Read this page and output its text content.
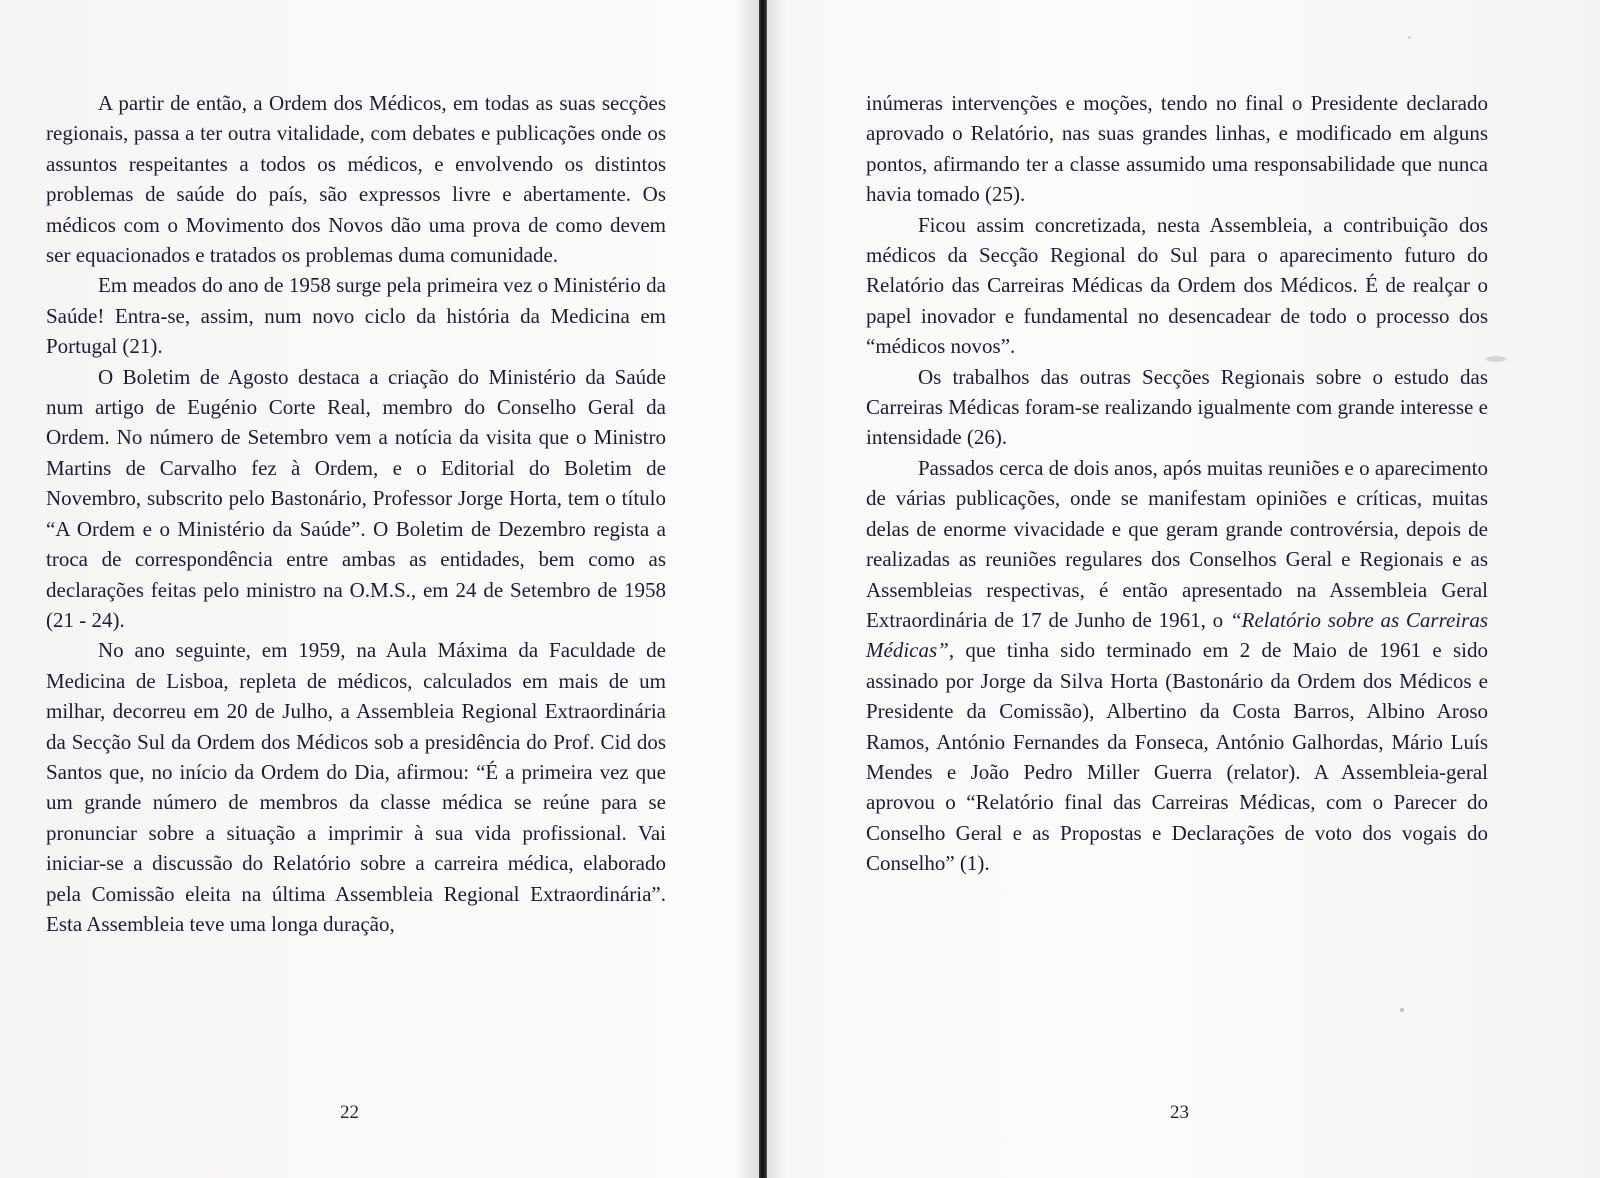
A partir de então, a Ordem dos Médicos, em todas as suas secções regionais, passa a ter outra vitalidade, com debates e publicações onde os assuntos respeitantes a todos os médicos, e envolvendo os distintos problemas de saúde do país, são expressos livre e abertamente. Os médicos com o Movimento dos Novos dão uma prova de como devem ser equacionados e tratados os problemas duma comunidade.

Em meados do ano de 1958 surge pela primeira vez o Ministério da Saúde! Entra-se, assim, num novo ciclo da história da Medicina em Portugal (21).

O Boletim de Agosto destaca a criação do Ministério da Saúde num artigo de Eugénio Corte Real, membro do Conselho Geral da Ordem. No número de Setembro vem a notícia da visita que o Ministro Martins de Carvalho fez à Ordem, e o Editorial do Boletim de Novembro, subscrito pelo Bastonário, Professor Jorge Horta, tem o título “A Ordem e o Ministério da Saúde”. O Boletim de Dezembro regista a troca de correspondência entre ambas as entidades, bem como as declarações feitas pelo ministro na O.M.S., em 24 de Setembro de 1958 (21 - 24).

No ano seguinte, em 1959, na Aula Máxima da Faculdade de Medicina de Lisboa, repleta de médicos, calculados em mais de um milhar, decorreu em 20 de Julho, a Assembleia Regional Extraordinária da Secção Sul da Ordem dos Médicos sob a presidência do Prof. Cid dos Santos que, no início da Ordem do Dia, afirmou: “É a primeira vez que um grande número de membros da classe médica se reúne para se pronunciar sobre a situação a imprimir à sua vida profissional. Vai iniciar-se a discussão do Relatório sobre a carreira médica, elaborado pela Comissão eleita na última Assembleia Regional Extraordinária”. Esta Assembleia teve uma longa duração,

22

inúmeras intervenções e moções, tendo no final o Presidente declarado aprovado o Relatório, nas suas grandes linhas, e modificado em alguns pontos, afirmando ter a classe assumido uma responsabilidade que nunca havia tomado (25).

Ficou assim concretizada, nesta Assembleia, a contribuição dos médicos da Secção Regional do Sul para o aparecimento futuro do Relatório das Carreiras Médicas da Ordem dos Médicos. É de realçar o papel inovador e fundamental no desencadear de todo o processo dos “médicos novos”.

Os trabalhos das outras Secções Regionais sobre o estudo das Carreiras Médicas foram-se realizando igualmente com grande interesse e intensidade (26).

Passados cerca de dois anos, após muitas reuniões e o aparecimento de várias publicações, onde se manifestam opiniões e críticas, muitas delas de enorme vivacidade e que geram grande controvérsia, depois de realizadas as reuniões regulares dos Conselhos Geral e Regionais e as Assembleias respectivas, é então apresentado na Assembleia Geral Extraordinária de 17 de Junho de 1961, o “Relatório sobre as Carreiras Médicas”, que tinha sido terminado em 2 de Maio de 1961 e sido assinado por Jorge da Silva Horta (Bastonário da Ordem dos Médicos e Presidente da Comissão), Albertino da Costa Barros, Albino Aroso Ramos, António Fernandes da Fonseca, António Galhordas, Mário Luís Mendes e João Pedro Miller Guerra (relator). A Assembleia-geral aprovou o “Relatório final das Carreiras Médicas, com o Parecer do Conselho Geral e as Propostas e Declarações de voto dos vogais do Conselho” (1).

23
